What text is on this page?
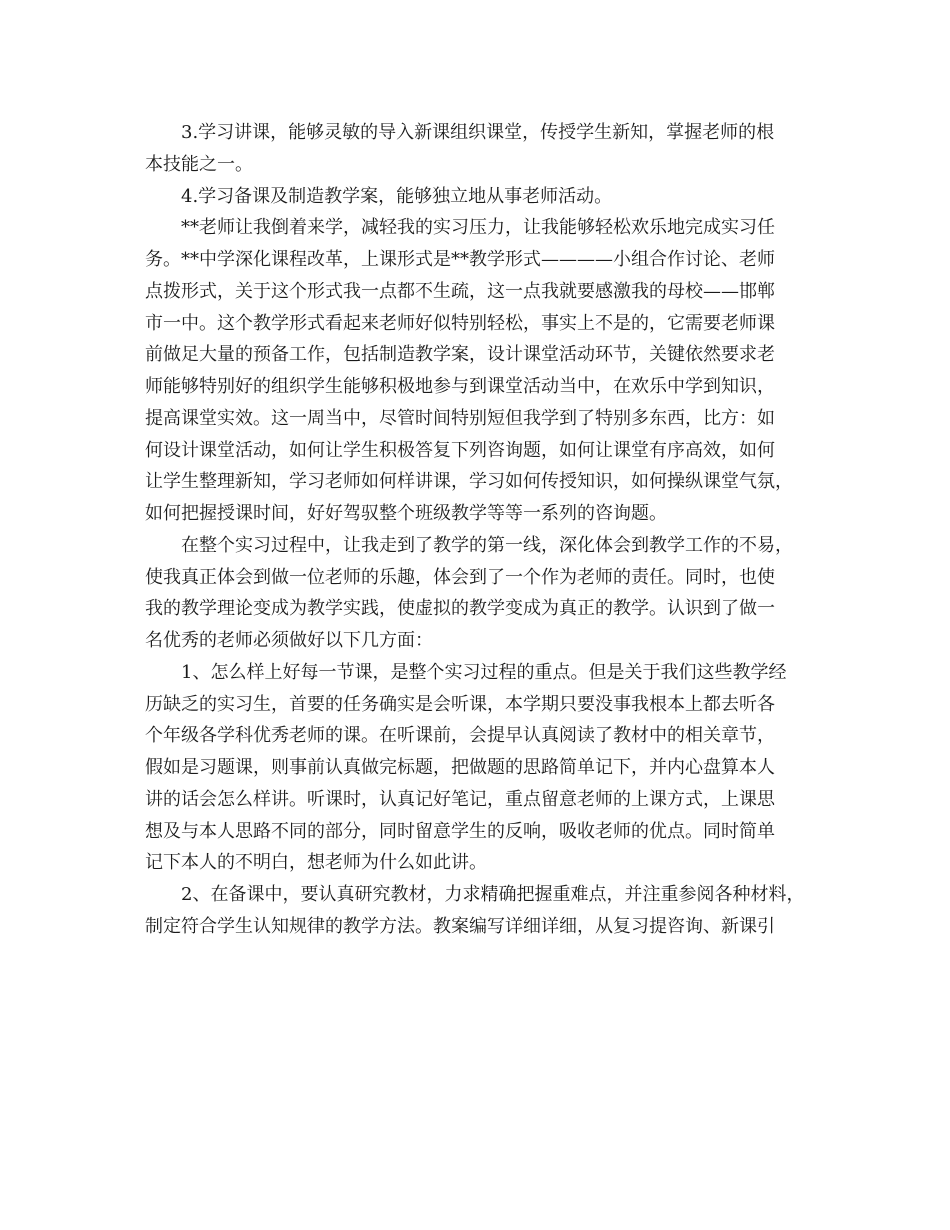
3.学习讲课，能够灵敏的导入新课组织课堂，传授学生新知，掌握老师的根
本技能之一。
4.学习备课及制造教学案，能够独立地从事老师活动。
**老师让我倒着来学，减轻我的实习压力，让我能够轻松欢乐地完成实习任
务。**中学深化课程改革，上课形式是**教学形式————小组合作讨论、老师
点拨形式，关于这个形式我一点都不生疏，这一点我就要感激我的母校——邯郸
市一中。这个教学形式看起来老师好似特别轻松，事实上不是的，它需要老师课
前做足大量的预备工作，包括制造教学案，设计课堂活动环节，关键依然要求老
师能够特别好的组织学生能够积极地参与到课堂活动当中，在欢乐中学到知识，
提高课堂实效。这一周当中，尽管时间特别短但我学到了特别多东西，比方：如
何设计课堂活动，如何让学生积极答复下列咨询题，如何让课堂有序高效，如何
让学生整理新知，学习老师如何样讲课，学习如何传授知识，如何操纵课堂气氛，
如何把握授课时间，好好驾驭整个班级教学等等一系列的咨询题。
在整个实习过程中，让我走到了教学的第一线，深化体会到教学工作的不易，
使我真正体会到做一位老师的乐趣，体会到了一个作为老师的责任。同时，也使
我的教学理论变成为教学实践，使虚拟的教学变成为真正的教学。认识到了做一
名优秀的老师必须做好以下几方面：
1、怎么样上好每一节课，是整个实习过程的重点。但是关于我们这些教学经
历缺乏的实习生，首要的任务确实是会听课，本学期只要没事我根本上都去听各
个年级各学科优秀老师的课。在听课前，会提早认真阅读了教材中的相关章节，
假如是习题课，则事前认真做完标题，把做题的思路简单记下，并内心盘算本人
讲的话会怎么样讲。听课时，认真记好笔记，重点留意老师的上课方式，上课思
想及与本人思路不同的部分，同时留意学生的反响，吸收老师的优点。同时简单
记下本人的不明白，想老师为什么如此讲。
2、在备课中，要认真研究教材，力求精确把握重难点，并注重参阅各种材料，
制定符合学生认知规律的教学方法。教案编写详细详细，从复习提咨询、新课引
